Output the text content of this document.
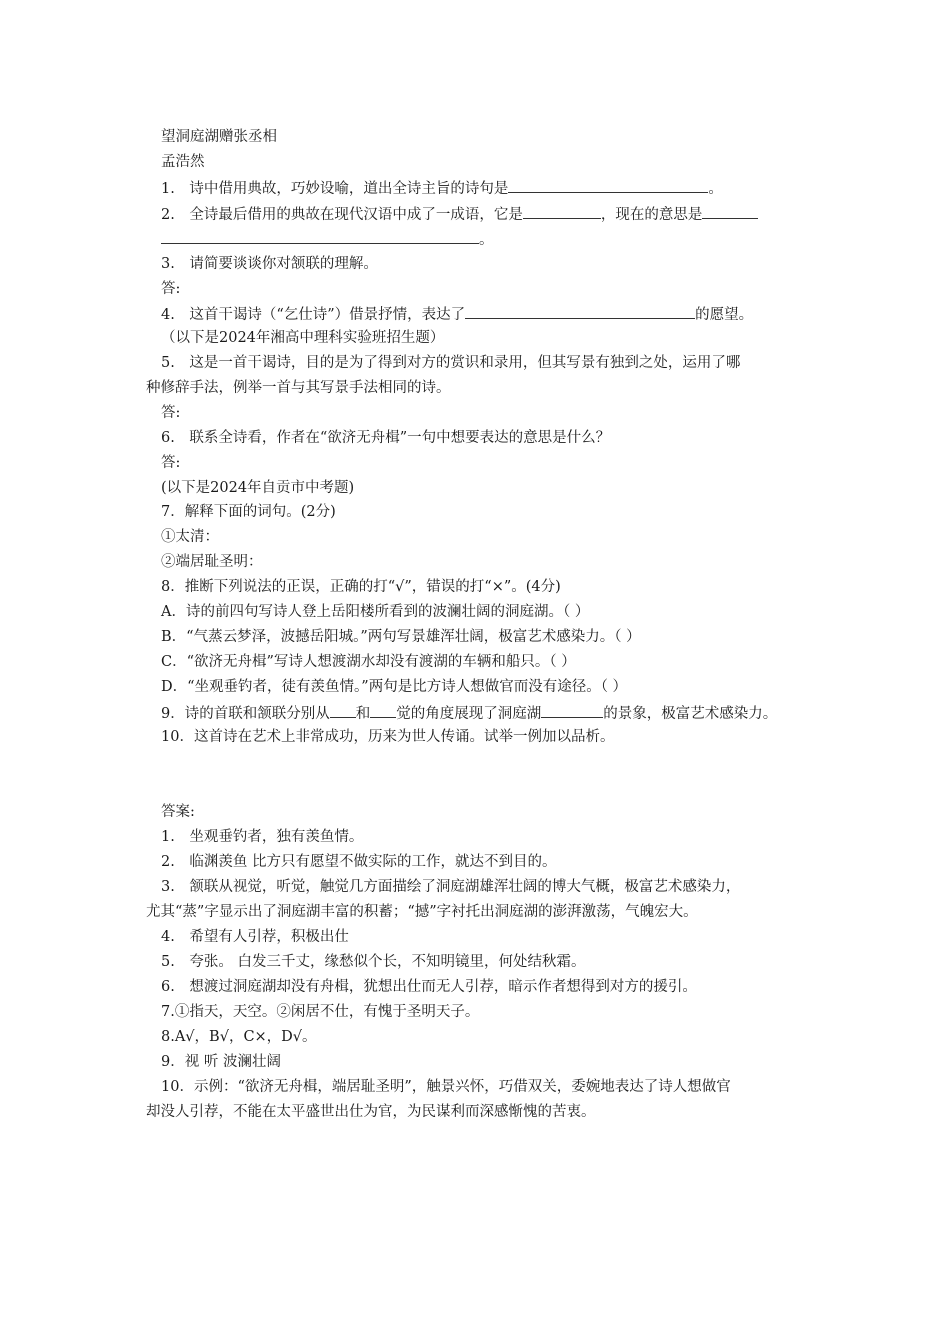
望洞庭湖赠张丞相
孟浩然
1.　诗中借用典故，巧妙设喻，道出全诗主旨的诗句是	。
2.　全诗最后借用的典故在现代汉语中成了一成语，它是	，现在的意思是
。
3.　请简要谈谈你对颔联的理解。
答:
4.　这首干谒诗（“乞仕诗”）借景抒情，表达了	的愿望。
（以下是2024年湘高中理科实验班招生题）
5.　这是一首干谒诗，目的是为了得到对方的赏识和录用，但其写景有独到之处，运用了哪
种修辞手法，例举一首与其写景手法相同的诗。
答:
6.　联系全诗看，作者在“欲济无舟楫”一句中想要表达的意思是什么？
答:
(以下是2024年自贡市中考题)
7．解释下面的词句。(2分)
①太清：
②端居耻圣明：
8．推断下列说法的正误，正确的打“√”，错误的打“×”。(4分)
A．诗的前四句写诗人登上岳阳楼所看到的波澜壮阔的洞庭湖。（ ）
B．“气蒸云梦泽，波撼岳阳城。”两句写景雄浑壮阔，极富艺术感染力。（ ）
C．“欲济无舟楫”写诗人想渡湖水却没有渡湖的车辆和船只。（ ）
D．“坐观垂钓者，徒有羡鱼情。”两句是比方诗人想做官而没有途径。（ ）
9．诗的首联和颔联分别从 和 觉的角度展现了洞庭湖	的景象，极富艺术感染力。
10．这首诗在艺术上非常成功，历来为世人传诵。试举一例加以品析。
答案:
1.　坐观垂钓者，独有羡鱼情。
2.　临渊羡鱼 比方只有愿望不做实际的工作，就达不到目的。
3.　颔联从视觉，听觉，触觉几方面描绘了洞庭湖雄浑壮阔的博大气概，极富艺术感染力，
尤其“蒸”字显示出了洞庭湖丰富的积蓄；“撼”字衬托出洞庭湖的澎湃激荡，气魄宏大。
4.　希望有人引荐，积极出仕
5.　夸张。 白发三千丈，缘愁似个长，不知明镜里，何处结秋霜。
6.　想渡过洞庭湖却没有舟楫，犹想出仕而无人引荐，暗示作者想得到对方的援引。
7.①指天，天空。②闲居不仕，有愧于圣明天子。
8.A√，B√，C×，D√。
9．视 听 波澜壮阔
10．示例：“欲济无舟楫，端居耻圣明”，触景兴怀，巧借双关，委婉地表达了诗人想做官
却没人引荐，不能在太平盛世出仕为官，为民谋利而深感惭愧的苦衷。
